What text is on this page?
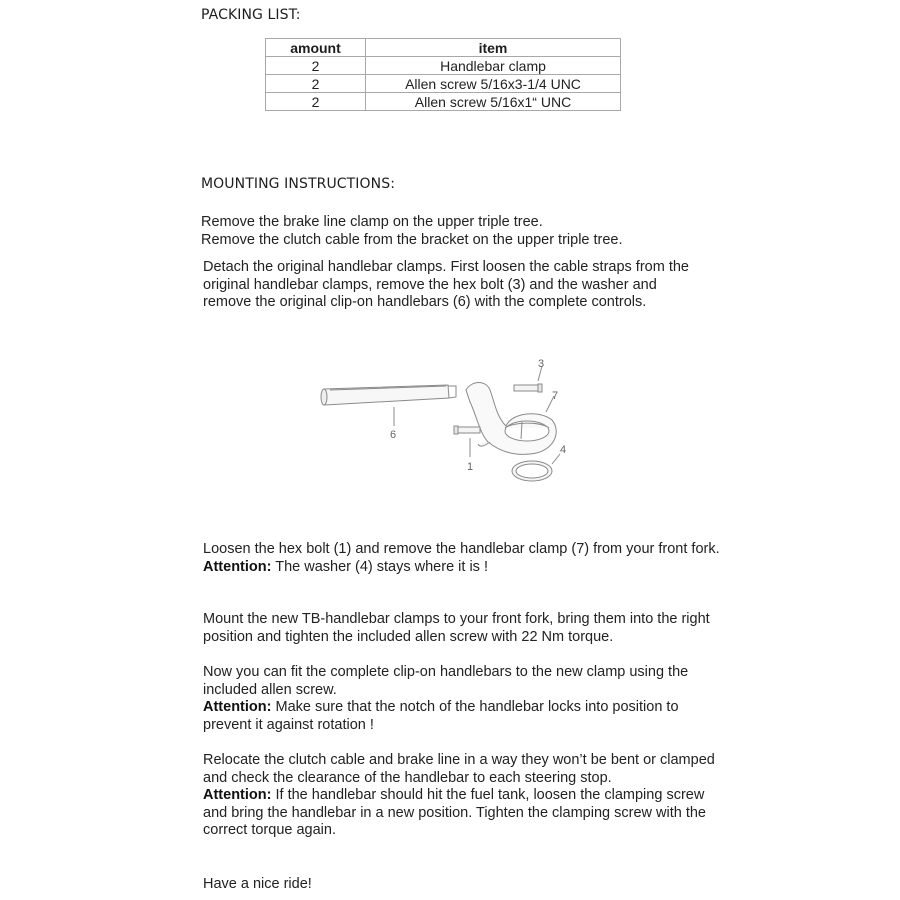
PACKING LIST:
amount	item
2	Handlebar clamp
2	Allen screw 5/16x3-1/4 UNC
2	Allen screw 5/16x1“ UNC
MOUNTING INSTRUCTIONS:

Remove the brake line clamp on the upper triple tree.
Remove the clutch cable from the bracket on the upper triple tree.

Detach the original handlebar clamps. First loosen the cable straps from the original handlebar clamps, remove the hex bolt (3) and the washer and remove the original clip-on handlebars (6) with the complete controls.

3
7
6
1
4

Loosen the hex bolt (1) and remove the handlebar clamp (7) from your front fork.
Attention: The washer (4) stays where it is !

Mount the new TB-handlebar clamps to your front fork, bring them into the right position and tighten the included allen screw with 22 Nm torque.

Now you can fit the complete clip-on handlebars to the new clamp using the included allen screw.
Attention: Make sure that the notch of the handlebar locks into position to prevent it against rotation !

Relocate the clutch cable and brake line in a way they won’t be bent or clamped and check the clearance of the handlebar to each steering stop.
Attention: If the handlebar should hit the fuel tank, loosen the clamping screw and bring the handlebar in a new position. Tighten the clamping screw with the correct torque again.

Have a nice ride!
